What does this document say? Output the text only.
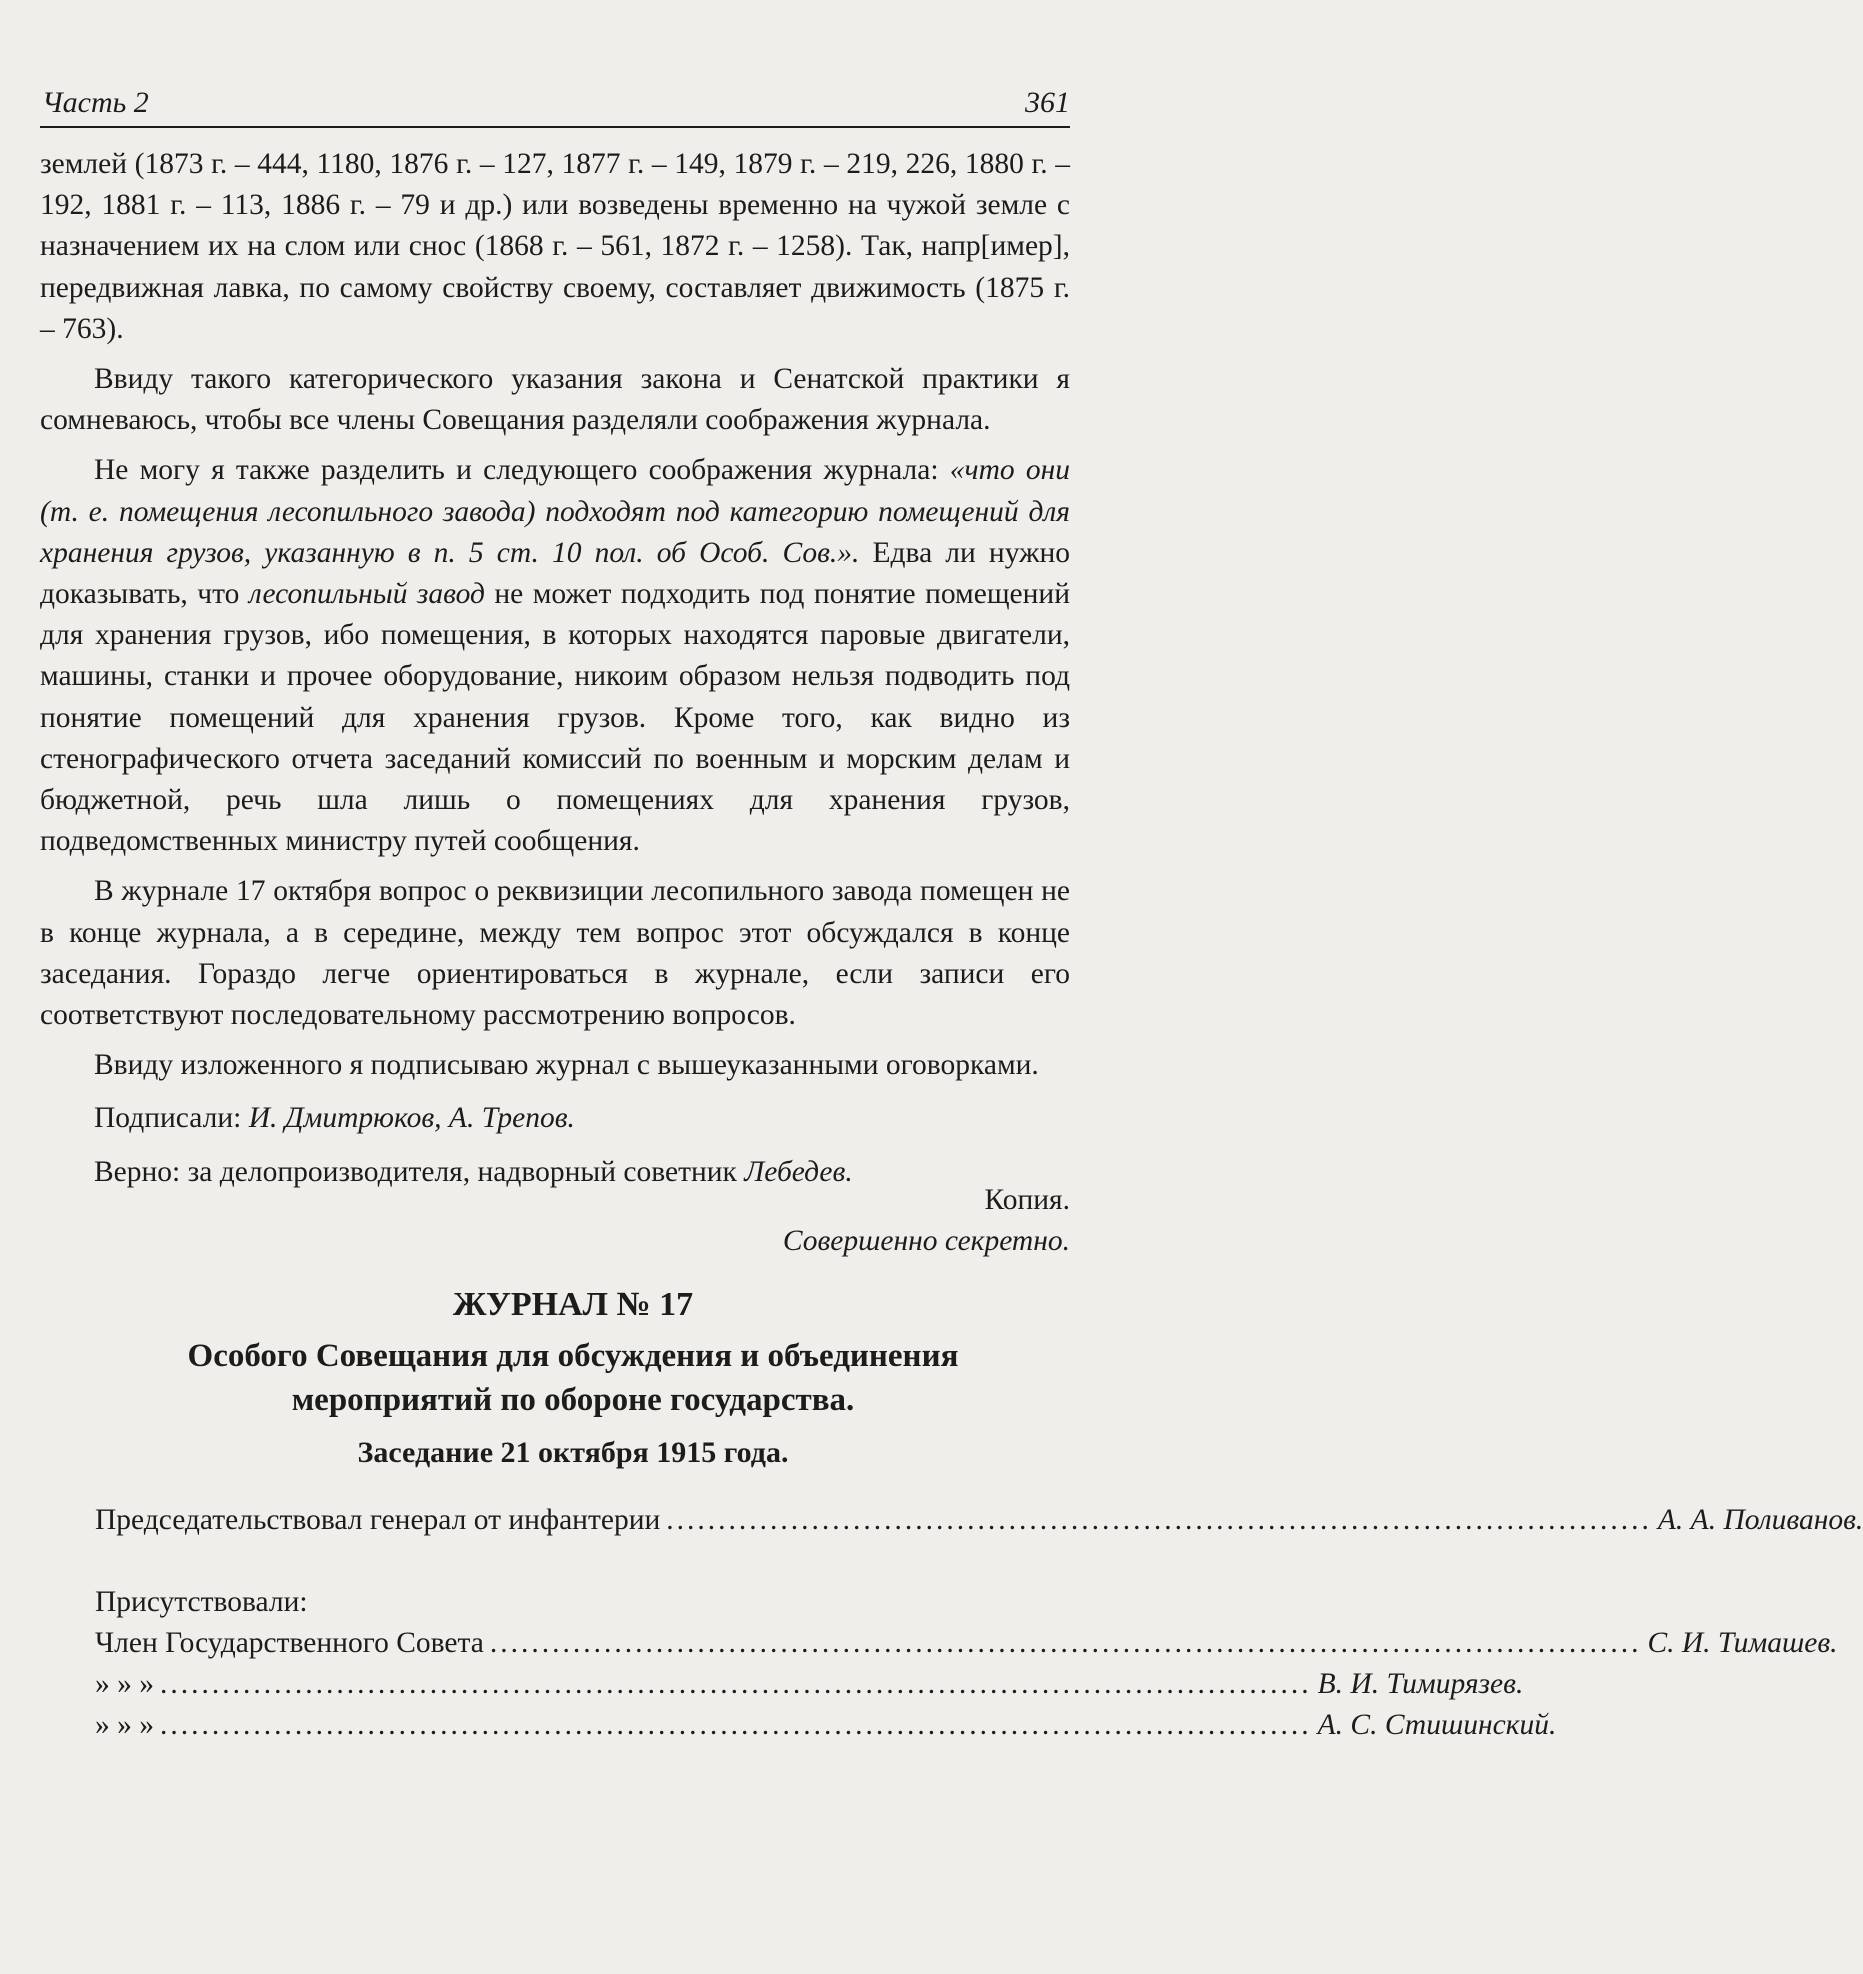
Часть 2	361

землей (1873 г. – 444, 1180, 1876 г. – 127, 1877 г. – 149, 1879 г. – 219, 226, 1880 г. – 192, 1881 г. – 113, 1886 г. – 79 и др.) или возведены временно на чужой земле с назначением их на слом или снос (1868 г. – 561, 1872 г. – 1258). Так, напр[имер], передвижная лавка, по самому свойству своему, составляет движимость (1875 г. – 763).

Ввиду такого категорического указания закона и Сенатской практики я сомневаюсь, чтобы все члены Совещания разделяли соображения журнала.

Не могу я также разделить и следующего соображения журнала: «что они (т. е. помещения лесопильного завода) подходят под категорию помещений для хранения грузов, указанную в п. 5 ст. 10 пол. об Особ. Сов.». Едва ли нужно доказывать, что лесопильный завод не может подходить под понятие помещений для хранения грузов, ибо помещения, в которых находятся паровые двигатели, машины, станки и прочее оборудование, никоим образом нельзя подводить под понятие помещений для хранения грузов. Кроме того, как видно из стенографического отчета заседаний комиссий по военным и морским делам и бюджетной, речь шла лишь о помещениях для хранения грузов, подведомственных министру путей сообщения.

В журнале 17 октября вопрос о реквизиции лесопильного завода помещен не в конце журнала, а в середине, между тем вопрос этот обсуждался в конце заседания. Гораздо легче ориентироваться в журнале, если записи его соответствуют последовательному рассмотрению вопросов.

Ввиду изложенного я подписываю журнал с вышеуказанными оговорками.

Подписали: И. Дмитрюков, А. Трепов.

Верно: за делопроизводителя, надворный советник Лебедев.

Копия.
Совершенно секретно.
ЖУРНАЛ № 17
Особого Совещания для обсуждения и объединения
мероприятий по обороне государства.
Заседание 21 октября 1915 года.
Председательствовал генерал от инфантерии ............................................................................................... А. А. Поливанов.
Присутствовали:
Член Государственного Совета ............................................................................................................... С. И. Тимашев.
» » » ............................................................................................................... В. И. Тимирязев.
» » » ............................................................................................................... А. С. Стишинский.
